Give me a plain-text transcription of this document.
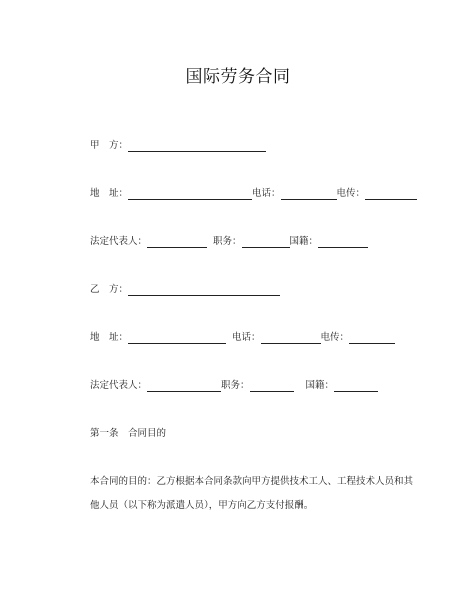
国际劳务合同
甲　方：
地　址：	电话：	电传：
法定代表人：	职务：	国籍：
乙　方：
地　址：	电话：	电传：
法定代表人：	职务：	国籍：
第一条　合同目的
本合同的目的：乙方根据本合同条款向甲方提供技术工人、工程技术人员和其
他人员（以下称为派遣人员），甲方向乙方支付报酬。
